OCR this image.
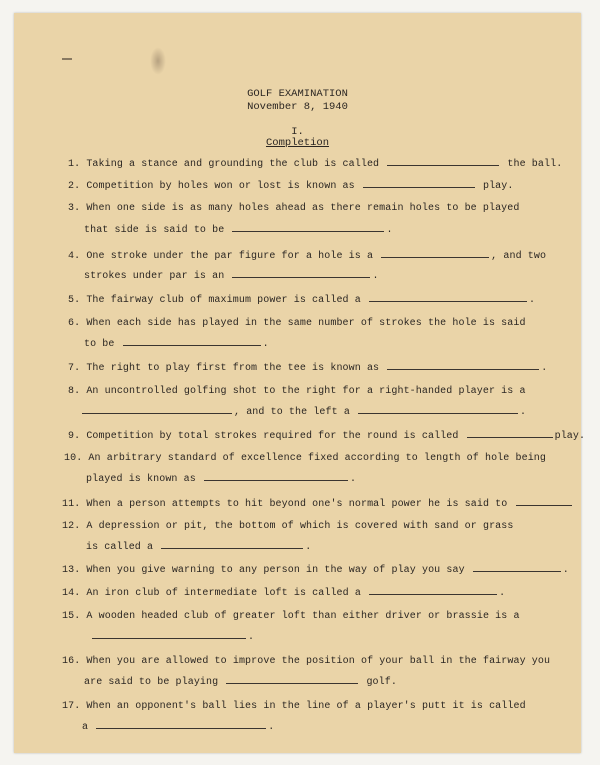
GOLF EXAMINATION
November 8, 1940
I.
Completion
1. Taking a stance and grounding the club is called	the ball.
2. Competition by holes won or lost is known as	play.
3. When one side is as many holes ahead as there remain holes to be played
that side is said to be	.
4. One stroke under the par figure for a hole is a	, and two
strokes under par is an	.
5. The fairway club of maximum power is called a	.
6. When each side has played in the same number of strokes the hole is said
to be	.
7. The right to play first from the tee is known as	.
8. An uncontrolled golfing shot to the right for a right-handed player is a
, and to the left a	.
9. Competition by total strokes required for the round is called	play.
10. An arbitrary standard of excellence fixed according to length of hole being
played is known as	.
11. When a person attempts to hit beyond one's normal power he is said to
12. A depression or pit, the bottom of which is covered with sand or grass
is called a	.
13. When you give warning to any person in the way of play you say	.
14. An iron club of intermediate loft is called a	.
15. A wooden headed club of greater loft than either driver or brassie is a
.
16. When you are allowed to improve the position of your ball in the fairway you
are said to be playing	golf.
17. When an opponent's ball lies in the line of a player's putt it is called
a	.
